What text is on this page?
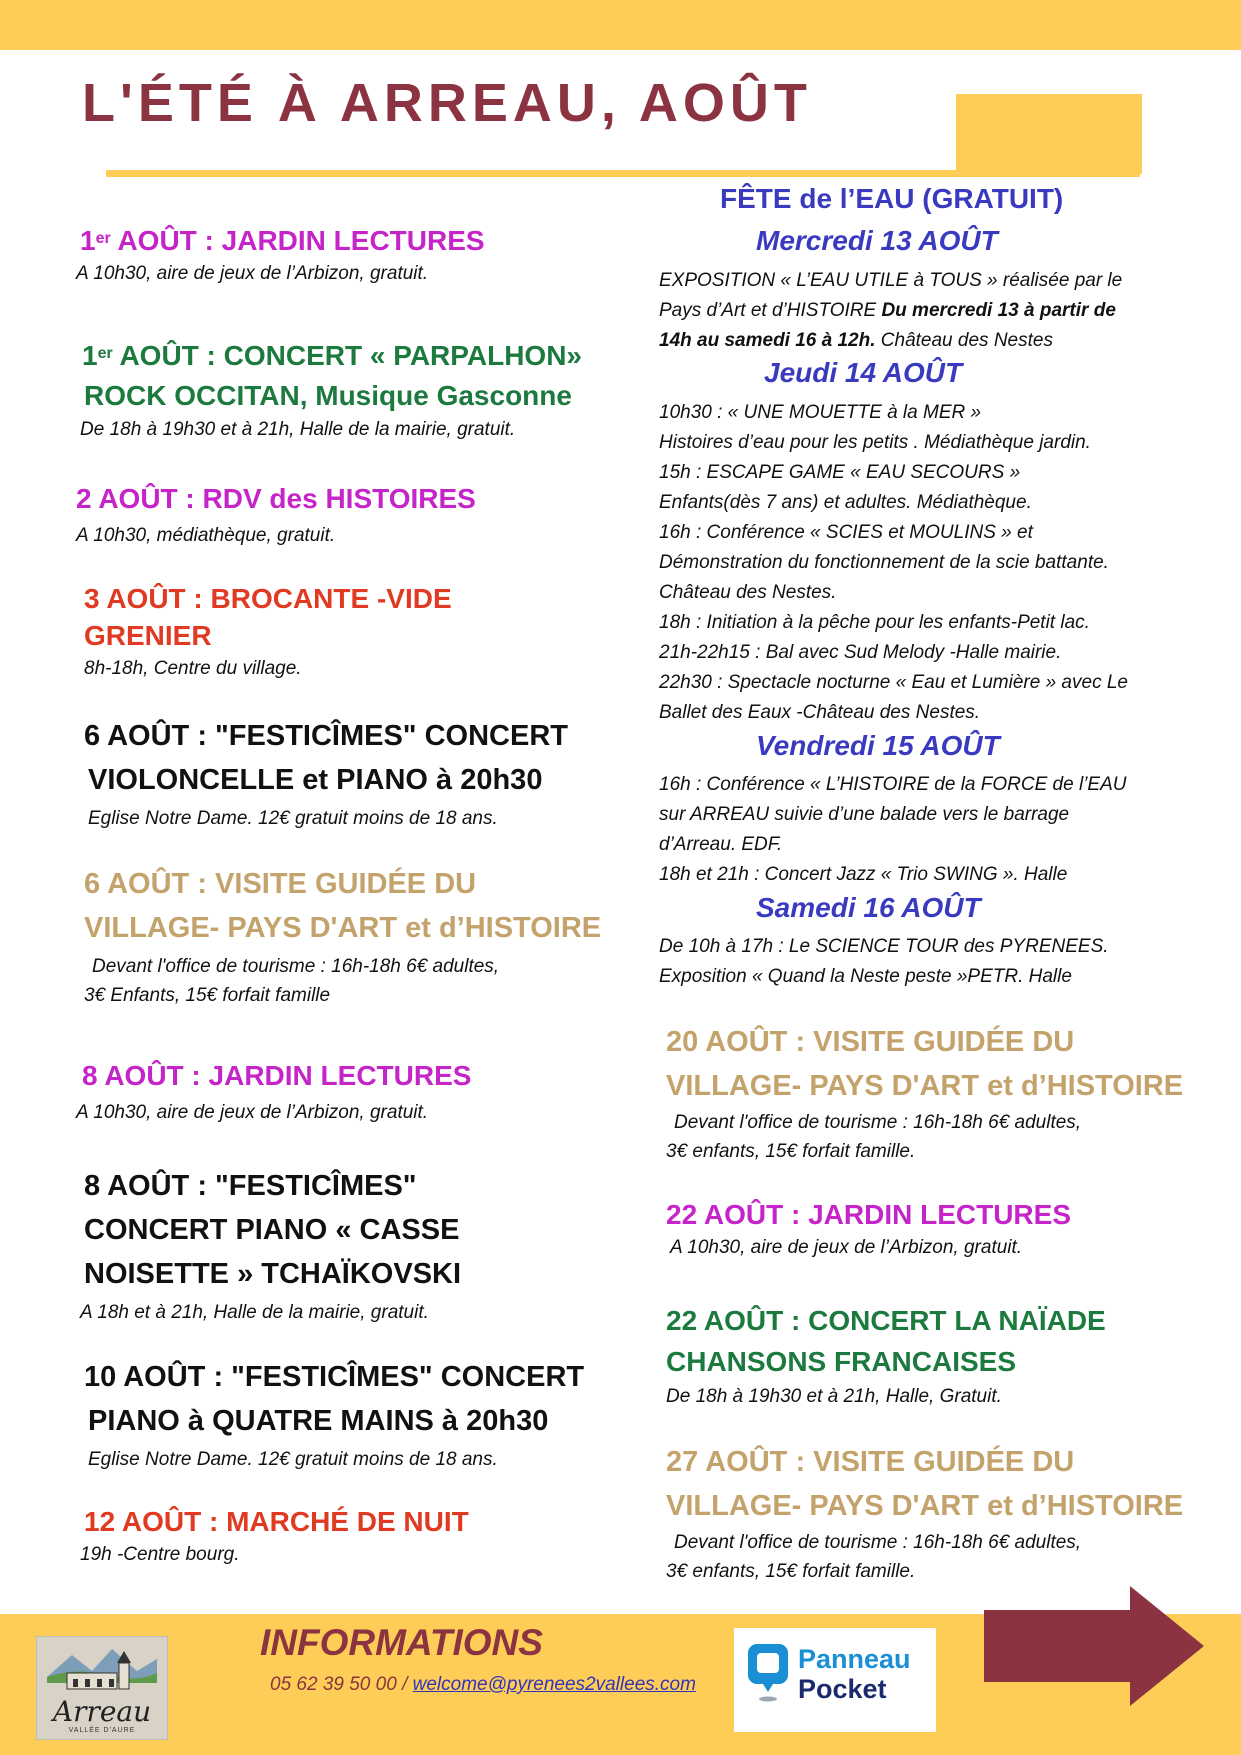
L'ÉTÉ À ARREAU, AOÛT
1er AOÛT : JARDIN LECTURES
A 10h30, aire de jeux de l’Arbizon, gratuit.
1er AOÛT : CONCERT « PARPALHON»
ROCK OCCITAN, Musique Gasconne
De 18h à 19h30 et à 21h, Halle de la mairie, gratuit.
2 AOÛT : RDV des HISTOIRES
A 10h30, médiathèque, gratuit.
3 AOÛT : BROCANTE -VIDE
GRENIER
8h-18h, Centre du village.
6 AOÛT : "FESTICÎMES" CONCERT
VIOLONCELLE et PIANO à 20h30
Eglise Notre Dame. 12€ gratuit moins de 18 ans.
6 AOÛT : VISITE GUIDÉE DU
VILLAGE- PAYS D'ART et d’HISTOIRE
Devant l'office de tourisme : 16h-18h 6€ adultes,
3€ Enfants, 15€ forfait famille
8 AOÛT : JARDIN LECTURES
A 10h30, aire de jeux de l’Arbizon, gratuit.
8 AOÛT : "FESTICÎMES"
CONCERT PIANO « CASSE
NOISETTE » TCHAÏKOVSKI
A 18h et à 21h, Halle de la mairie, gratuit.
10 AOÛT : "FESTICÎMES" CONCERT
PIANO à QUATRE MAINS à 20h30
Eglise Notre Dame. 12€ gratuit moins de 18 ans.
12 AOÛT : MARCHÉ DE NUIT
19h -Centre bourg.
FÊTE de l’EAU (GRATUIT)
Mercredi 13 AOÛT
EXPOSITION « L’EAU UTILE à TOUS » réalisée par le
Pays d’Art et d’HISTOIRE Du mercredi 13 à partir de
14h au samedi 16 à 12h. Château des Nestes
Jeudi 14 AOÛT
10h30 : « UNE MOUETTE à la MER »
Histoires d’eau pour les petits . Médiathèque jardin.
15h : ESCAPE GAME « EAU SECOURS »
Enfants(dès 7 ans) et adultes. Médiathèque.
16h : Conférence « SCIES et MOULINS » et
Démonstration du fonctionnement de la scie battante.
Château des Nestes.
18h : Initiation à la pêche pour les enfants-Petit lac.
21h-22h15 : Bal avec Sud Melody -Halle mairie.
22h30 : Spectacle nocturne « Eau et Lumière » avec Le
Ballet des Eaux -Château des Nestes.
Vendredi 15 AOÛT
16h : Conférence « L’HISTOIRE de la FORCE de l’EAU
sur ARREAU suivie d’une balade vers le barrage
d’Arreau. EDF.
18h et 21h : Concert Jazz « Trio SWING ». Halle
Samedi 16 AOÛT
De 10h à 17h : Le SCIENCE TOUR des PYRENEES.
Exposition « Quand la Neste peste »PETR. Halle
20 AOÛT : VISITE GUIDÉE DU
VILLAGE- PAYS D'ART et d’HISTOIRE
Devant l'office de tourisme : 16h-18h 6€ adultes,
3€ enfants, 15€ forfait famille.
22 AOÛT : JARDIN LECTURES
A 10h30, aire de jeux de l’Arbizon, gratuit.
22 AOÛT : CONCERT LA NAÏADE
CHANSONS FRANCAISES
De 18h à 19h30 et à 21h, Halle, Gratuit.
27 AOÛT : VISITE GUIDÉE DU
VILLAGE- PAYS D'ART et d’HISTOIRE
Devant l'office de tourisme : 16h-18h 6€ adultes,
3€ enfants, 15€ forfait famille.
Arreau
VALLÉE D'AURE
INFORMATIONS
05 62 39 50 00 / welcome@pyrenees2vallees.com
Panneau
Pocket
